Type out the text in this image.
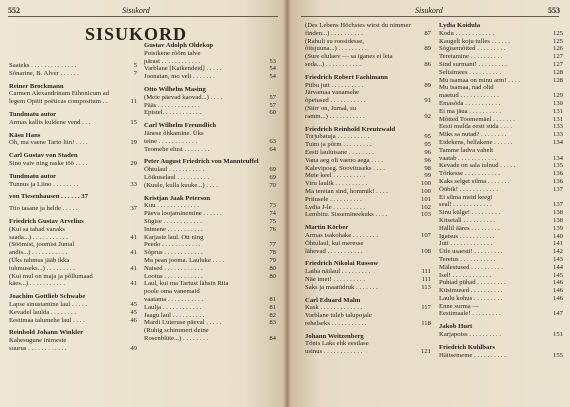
552	Sisukord
SISUKORD
Saateks . . . . . . . . . . . . . .	5
Sõnarine, B. Alver . . . . . .	7
Reiner Brockmann
Carmen Alexandrinum Ethonicum ad
legem Opitii poëticas compositum . .	11
Tundmatu autor
Armas kallis kuldene vend . . .	15
Käsu Hans
Oh, ma vaene Tarto liin! . . . .	19
Carl Gustav von Staden
Sino vaiv ning raske töö . . . .	29
Tundmatu autor
Tunnus ja Liino . . . . . . . .	33
von Tiesenhausen . . . . . . 37
Tiio tasane ja helde . . . . .	37
Friedrich Gustav Arvelius
(Kui sa tahad vanaks
saada...) . . . . . . . . . . .	41
(Söömist, joomist Jumal
andis...) . . . . . . . . . . .	41
(Üks tuhmus jääb ikka
tuhmuseks...) . . . . . . . . .	41
(Kui mul on maja ja põllumaad
käes...) . . . . . . . . . . .	41
Joachim Gottlieb Schwabe
Lapse sinustamine laul . . . . .	45
Kevadel laulda . . . . . . . .	45
Eestimaa talumehe laul . . . .	46
Reinhold Johann Winkler
Kahesugune inimeste
suurus . . . . . . . . . . . .	49
Gustav Adolph Oldekop
Poisikene rõõm talve
pärast . . . . . . . . . . . .	53
Varblane [Kaikendeid] . . . . .	54
Joonatan, mo veli . . . . . . .	54
Otto Wilhelm Masing
(Meie päevad kaovad...) . . . .	57
Pääs . . . . . . . . . . . . .	57
Epistel. . . . . . . . . . . .	60
Carl Wilhelm Freundlich
Jänese õhkamine. Üks
teine . . . . . . . . . . . .	63
Teomehe elust . . . . . . . .	64
Peter August Friedrich von Mannteuffel
Õhtulaul . . . . . . . . . . .	69
Lõikuselaul . . . . . . . . . .	69
(Kuule, kulla kuuke...) . . . .	70
Kristjan Jaak Peterson
Kuu . . . . . . . . . . . . .	73
Päeva loojaminemine . . . . . .	74
Sügise . . . . . . . . . . . .	75
Inimene . . . . . . . . . . .	76
Karjaste laul. Ott ning
Peedo . . . . . . . . . . . .	77
Sõprus . . . . . . . . . . . .	78
Ma pean jooma. Lauluke . . . .	79
Naised . . . . . . . . . . . .	80
Lootus . . . . . . . . . . . .	80
Laul, kui ma Tartust lähsin Riia
poole oma vanemaid
vaatama . . . . . . . . . . .	81
Laulja . . . . . . . . . . . .	81
Jaagu laul . . . . . . . . . .	82
Mardi Luteruse päeval . . . . .	83
(Ruhig schimmert deine
Rosenblüte...) . . . . . . . .	84
Sisukord	553
(Des Lebens Höchstes wirst du nimmer
finden...) . . . . . . . . . .	87
(Rahuli su roosidesse,
õitsjuuna...) . . . . . . . . .	89
(Sure elulaev — sa iganes ei leia
seda...) . . . . . . . . . . .	86
Friedrich Robert Faehlmann
Piibu jutt . . . . . . . . . .	89
Järvamaa vanamehe
õpetused . . . . . . . . . . .	91
(Siirr on, Jumal, su
ramm...) . . . . . . . . . . .	92
Friedrich Reinhold Kreutzwald
Torjubatuja . . . . . . . . . .	95
Tuim ja põrm . . . . . . . . .	95
Eesti lauluisane . . . . . . . .	96
Vana aeg oli vaeno aega . . . .	96
Kalevipoeg. Soovituseks . . . .	98
Meie keel . . . . . . . . . .	99
Viru laulik . . . . . . . . . .	100
Ma teretan sind, hommik! . . . .	100
Priiusele . . . . . . . . . .	101
Lydia J-le . . . . . . . . . .	102
Lembitu. Sissemineekuks . . . .	103
Martin Körber
Armas isakohake . . . . . . . .	107
Õhtulaul, kui meresse
lähevad . . . . . . . . . . .	108
Friedrich Nikolai Russow
Laiba näilaul . . . . . . . . .	111
Näe imet! . . . . . . . . . .	111
Saks ja maatüdruk . . . . . . .	113
Carl Eduard Malm
Kask . . . . . . . . . . . . .	117
Varblane tuleb talupojale
rehelseks . . . . . . . . . . .	118
Johann Weitzenberg
Tõnis Laks ehk eestlase
usinus . . . . . . . . . . . .	121
Lydia Koidula
Kodu . . . . . . . . . . . .	125
Kaugelt koju tulles . . . . . .	125
Sõgisemõtted . . . . . . . . .	126
Teretamine . . . . . . . . . .	127
Sind surmani! . . . . . . . . .	127
Seltsimees . . . . . . . . . .	128
Mu isamaa on minu arm! . . . .	128
Mu isamaa, nad olid
maetud . . . . . . . . . . . .	129
Emasõda . . . . . . . . . . .	130
Ei ma jäua . . . . . . . . . .	131
Mõtted Toomemäel . . . . . . .	131
Eesti mulda eesti süda . . . .	133
Miks sa nutad? . . . . . . . .	133
Eidekens, hellakene . . . . . .	134
Tamme ladva vahelt
vaatab . . . . . . . . . . . .	134
Kevade on sala tulnud . . . . .	135
Tõrkesse . . . . . . . . . . .	136
Kaks selget silma . . . . . . .	136
Ööbik! . . . . . . . . . . . .	137
Ei silma meid keegi
seal! . . . . . . . . . . . .	137
Sinu külge! . . . . . . . . .	138
Kitsetall . . . . . . . . . .	138
Hällil ääres . . . . . . . . .	139
Igatsus . . . . . . . . . . .	140
Jutt . . . . . . . . . . . . .	141
Ütle usaesti! . . . . . . . . .	142
Teretus . . . . . . . . . . .	143
Mälestused . . . . . . . . . .	144
Isel! . . . . . . . . . . . .	145
Puhtad pühad . . . . . . . . .	146
Küsimused . . . . . . . . . .	146
Laulu kohus . . . . . . . . .	146
Enne surma —
Eestimaale! . . . . . . . . .	147
Jakob Hurt
Karjapoiss . . . . . . . . . .	151
Friedrich Kuhlbars
Häitsememe . . . . . . . . . .	155
